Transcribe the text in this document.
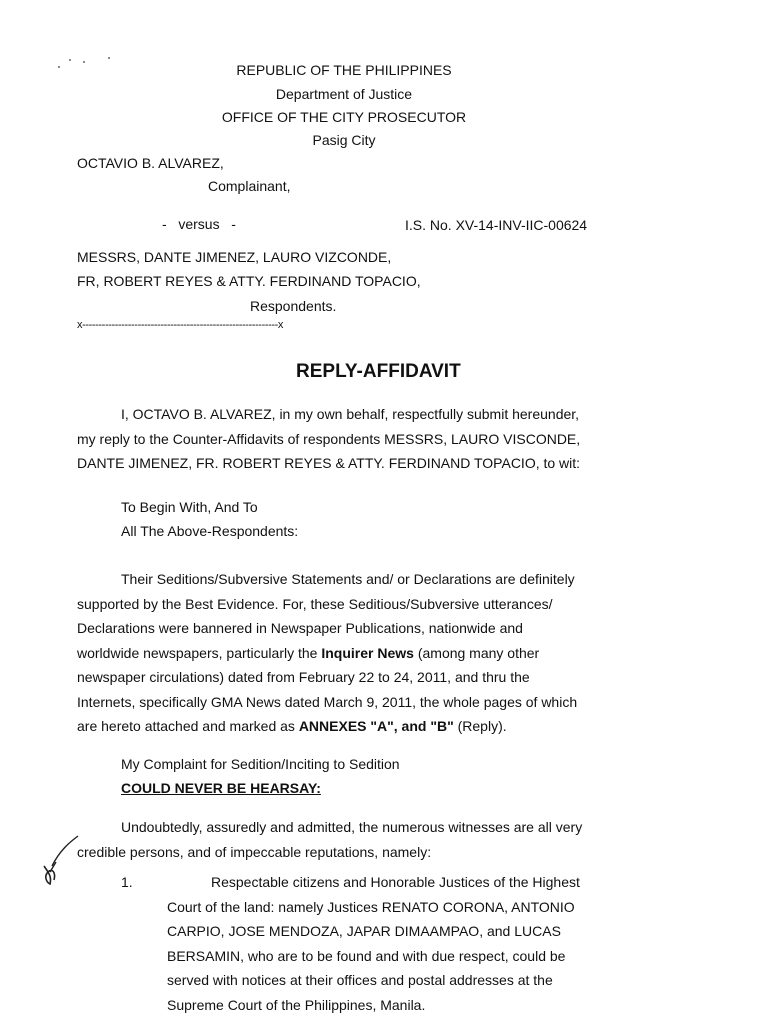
REPUBLIC OF THE PHILIPPINES
Department of Justice
OFFICE OF THE CITY PROSECUTOR
Pasig City
OCTAVIO B. ALVAREZ,
Complainant,
-   versus   -	I.S. No. XV-14-INV-IIC-00624
MESSRS, DANTE JIMENEZ, LAURO VIZCONDE,
FR, ROBERT REYES & ATTY. FERDINAND TOPACIO,
Respondents.
x------------------------------------------------------------x
REPLY-AFFIDAVIT
I, OCTAVO B. ALVAREZ, in my own behalf, respectfully submit hereunder,
my reply to the Counter-Affidavits of respondents MESSRS, LAURO VISCONDE,
DANTE JIMENEZ, FR. ROBERT REYES & ATTY. FERDINAND TOPACIO, to wit:
To Begin With, And To
All The Above-Respondents:
Their Seditions/Subversive Statements and/ or Declarations are definitely
supported by the Best Evidence. For, these Seditious/Subversive utterances/
Declarations were bannered in Newspaper Publications, nationwide and
worldwide newspapers, particularly the Inquirer News (among many other
newspaper circulations) dated from February 22 to 24, 2011, and thru the
Internets, specifically GMA News dated March 9, 2011, the whole pages of which
are hereto attached and marked as ANNEXES "A", and "B" (Reply).
My Complaint for Sedition/Inciting to Sedition
COULD NEVER BE HEARSAY:
Undoubtedly, assuredly and admitted, the numerous witnesses are all very
credible persons, and of impeccable reputations, namely:
1.	Respectable citizens and Honorable Justices of the Highest
Court of the land: namely Justices RENATO CORONA, ANTONIO
CARPIO, JOSE MENDOZA, JAPAR DIMAAMPAO, and LUCAS
BERSAMIN, who are to be found and with due respect, could be
served with notices at their offices and postal addresses at the
Supreme Court of the Philippines, Manila.
